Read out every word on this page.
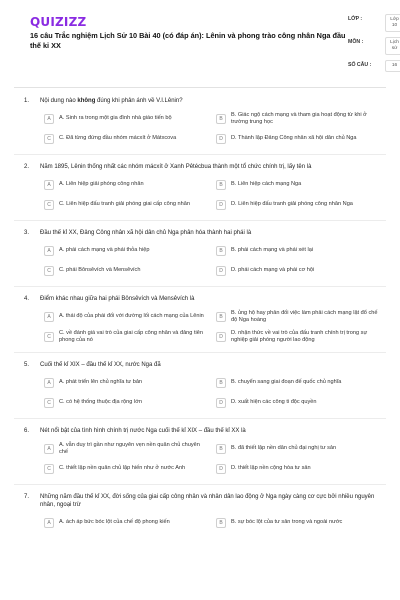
QUIZIZZ
16 câu Trắc nghiệm Lịch Sử 10 Bài 40 (có đáp án): Lênin và phong trào công nhân Nga đầu thế kỉ XX
LỚP :	Lớp 10
MÔN :	Lịch sử
SỐ CÂU :	16
1.	Nội dung nào không đúng khi phản ánh về V.I.Lênin?
A	A. Sinh ra trong một gia đình nhà giáo tiến bộ	B
B. Giác ngộ cách mạng và tham gia hoạt động từ khi ở trường trung học
C	C. Đã từng đứng đầu nhóm mácxít ở Mátxcova	D	D. Thành lập Đảng Công nhân xã hội dân chủ Nga
2.	Năm 1895, Lênin thống nhất các nhóm mácxít ở Xanh Pêtécbua thành một tổ chức chính trị, lấy tên là
A	A. Liên hiệp giải phóng công nhân	B	B. Liên hiệp cách mạng Nga
C	C. Liên hiệp đấu tranh giải phóng giai cấp công nhân	D	D. Liên hiệp đấu tranh giải phóng công nhân Nga
3.	Đầu thế kỉ XX, Đảng Công nhân xã hội dân chủ Nga phân hóa thành hai phái là
A	A. phái cách mạng và phái thỏa hiệp	B	B. phái cách mạng và phái xét lại
C	C. phái Bônsêvích và Mensêvích	D	D. phái cách mạng và phái cơ hội
4.	Điểm khác nhau giữa hai phái Bônsêvích và Mensêvích là
A	A. thái độ của phái đối với đường lối cách mạng của Lênin	B
B. ủng hộ hay phản đối việc làm phải cách mạng lật đổ chế độ Nga hoàng
C
C. về đánh giá vai trò của giai cấp công nhân và đảng tiên phong của nó	D
D. nhận thức về vai trò của đấu tranh chính trị trong sự nghiệp giải phóng người lao động
5.	Cuối thế kỉ XIX – đầu thế kỉ XX, nước Nga đã
A	A. phát triển lên chủ nghĩa tư bản	B	B. chuyển sang giai đoạn đế quốc chủ nghĩa
C	C. có hệ thống thuộc địa rộng lớn	D	D. xuất hiện các công ti độc quyền
6.	Nét nổi bật của tình hình chính trị nước Nga cuối thế kỉ XIX – đầu thế kỉ XX là
A
A. vẫn duy trì gần như nguyên vẹn nền quân chủ chuyên chế	B	B. đã thiết lập nền dân chủ đại nghị tư sản
C	C. thiết lập nền quân chủ lập hiến như ở nước Anh	D	D. thiết lập nền cộng hòa tư sản
7.	Những năm đầu thế kỉ XX, đời sống của giai cấp công nhân và nhân dân lao động ở Nga ngày càng cơ cực bởi nhiều nguyên nhân, ngoại trừ
A	A. ách áp bức bóc lột của chế độ phong kiến	B	B. sự bóc lột của tư sản trong và ngoài nước
